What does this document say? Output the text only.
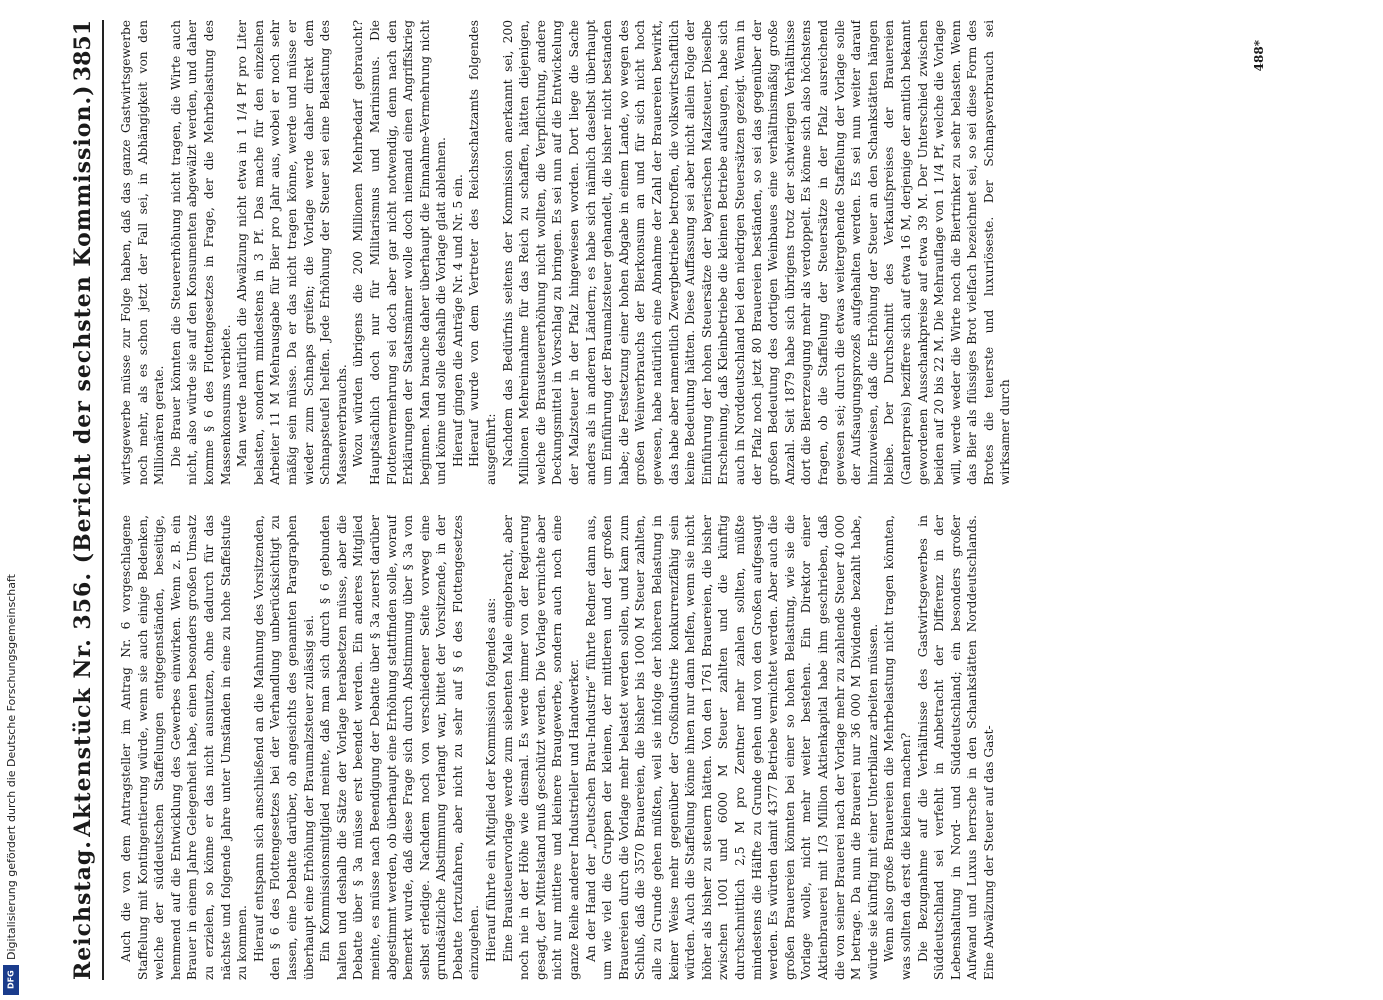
Digitalisierung gefördert durch die Deutsche Forschungsgemeinschaft
DFG
Reichstag.
Aktenstück Nr. 356. (Bericht der sechsten Kommission.)
3851

Auch die von dem Antragsteller im Antrag Nr. 6 vorgeschlagene Staffelung mit Kontingentierung würde, wenn sie auch einige Bedenken, welche der süddeutschen Staffelungen entgegenständen, beseitige, hemmend auf die Entwicklung des Gewerbes einwirken. Wenn z. B. ein Brauer in einem Jahre Gelegenheit habe, einen besonders großen Umsatz zu erzielen, so könne er das nicht ausnutzen, ohne dadurch für das nächste und folgende Jahre unter Umständen in eine zu hohe Staffelstufe zu kommen. Hierauf entspann sich anschließend an die Mahnung des Vorsitzenden, den § 6 des Flottengesetzes bei der Verhandlung unberücksichtigt zu lassen, eine Debatte darüber, ob angesichts des genannten Paragraphen überhaupt eine Erhöhung der Braumalzsteuer zulässig sei. Ein Kommissionsmitglied meinte, daß man sich durch § 6 gebunden halten und deshalb die Sätze der Vorlage herabsetzen müsse, aber die Debatte über § 3a müsse erst beendet werden. Ein anderes Mitglied meinte, es müsse nach Beendigung der Debatte über § 3a zuerst darüber abgestimmt werden, ob überhaupt eine Erhöhung stattfinden solle, worauf bemerkt wurde, daß diese Frage sich durch Abstimmung über § 3a von selbst erledige. Nachdem noch von verschiedener Seite vorweg eine grundsätzliche Abstimmung verlangt war, bittet der Vorsitzende, in der Debatte fortzufahren, aber nicht zu sehr auf § 6 des Flottengesetzes einzugehen. Hierauf führte ein Mitglied der Kommission folgendes aus: Eine Brausteuervorlage werde zum siebenten Male eingebracht, aber noch nie in der Höhe wie diesmal. Es werde immer von der Regierung gesagt, der Mittelstand muß geschützt werden. Die Vorlage vernichte aber nicht nur mittlere und kleinere Braugewerbe, sondern auch noch eine ganze Reihe anderer Industrieller und Handwerker. An der Hand der „Deutschen Brau-Industrie“ führte Redner dann aus, um wie viel die Gruppen der kleinen, der mittleren und der großen Brauereien durch die Vorlage mehr belastet werden sollen, und kam zum Schluß, daß die 3570 Brauereien, die bisher bis 1000 M Steuer zahlten, alle zu Grunde gehen müßten, weil sie infolge der höheren Belastung in keiner Weise mehr gegenüber der Großindustrie konkurrenzfähig sein würden. Auch die Staffelung könne ihnen nur dann helfen, wenn sie nicht höher als bisher zu steuern hätten. Von den 1761 Brauereien, die bisher zwischen 1001 und 6000 M Steuer zahlten und die künftig durchschnittlich 2,5 M pro Zentner mehr zahlen sollten, müßte mindestens die Hälfte zu Grunde gehen und von den Großen aufgesaugt werden. Es würden damit 4377 Betriebe vernichtet werden. Aber auch die großen Brauereien könnten bei einer so hohen Belastung, wie sie die Vorlage wolle, nicht mehr weiter bestehen. Ein Direktor einer Aktienbrauerei mit 1/3 Million Aktienkapital habe ihm geschrieben, daß die von seiner Brauerei nach der Vorlage mehr zu zahlende Steuer 40 000 M betrage. Da nun die Brauerei nur 36 000 M Dividende bezahlt habe, würde sie künftig mit einer Unterbilanz arbeiten müssen. Wenn also große Brauereien die Mehrbelastung nicht tragen könnten, was sollten da erst die kleinen machen? Die Bezugnahme auf die Verhältnisse des Gastwirtsgewerbes in Süddeutschland sei verfehlt in Anbetracht der Differenz in der Lebenshaltung in Nord- und Süddeutschland; ein besonders großer Aufwand und Luxus herrsche in den Schankstätten Norddeutschlands. Eine Abwälzung der Steuer auf das Gast-

wirtsgewerbe müsse zur Folge haben, daß das ganze Gastwirtsgewerbe noch mehr, als es schon jetzt der Fall sei, in Abhängigkeit von den Millionären gerate. Die Brauer könnten die Steuererhöhung nicht tragen, die Wirte auch nicht, also würde sie auf den Konsumenten abgewälzt werden, und daher komme § 6 des Flottengesetzes in Frage, der die Mehrbelastung des Massenkonsums verbiete. Man werde natürlich die Abwälzung nicht etwa in 1 1/4 Pf pro Liter belasten, sondern mindestens in 3 Pf. Das mache für den einzelnen Arbeiter 11 M Mehrausgabe für Bier pro Jahr aus, wobei er noch sehr mäßig sein müsse. Da er das nicht tragen könne, werde und müsse er wieder zum Schnaps greifen; die Vorlage werde daher direkt dem Schnapsteufel helfen. Jede Erhöhung der Steuer sei eine Belastung des Massenverbrauchs. Wozu würden übrigens die 200 Millionen Mehrbedarf gebraucht? Hauptsächlich doch nur für Militarismus und Marinismus. Die Flottenvermehrung sei doch aber gar nicht notwendig, denn nach den Erklärungen der Staatsmänner wolle doch niemand einen Angriffskrieg beginnen. Man brauche daher überhaupt die Einnahme-Vermehrung nicht und könne und solle deshalb die Vorlage glatt ablehnen. Hierauf gingen die Anträge Nr. 4 und Nr. 5 ein. Hierauf wurde von dem Vertreter des Reichsschatzamts folgendes ausgeführt: Nachdem das Bedürfnis seitens der Kommission anerkannt sei, 200 Millionen Mehreinnahme für das Reich zu schaffen, hätten diejenigen, welche die Brausteuererhöhung nicht wollten, die Verpflichtung, andere Deckungsmittel in Vorschlag zu bringen. Es sei nun auf die Entwickelung der Malzsteuer in der Pfalz hingewiesen worden. Dort liege die Sache anders als in anderen Ländern; es habe sich nämlich daselbst überhaupt um Einführung der Braumalzsteuer gehandelt, die bisher nicht bestanden habe; die Festsetzung einer hohen Abgabe in einem Lande, wo wegen des großen Weinverbrauchs der Bierkonsum an und für sich nicht hoch gewesen, habe natürlich eine Abnahme der Zahl der Brauereien bewirkt, das habe aber namentlich Zwergbetriebe betroffen, die volkswirtschaftlich keine Bedeutung hätten. Diese Auffassung sei aber nicht allein Folge der Einführung der hohen Steuersätze der bayerischen Malzsteuer. Dieselbe Erscheinung, daß Kleinbetriebe die kleinen Betriebe aufsaugen, habe sich auch in Norddeutschland bei den niedrigen Steuersätzen gezeigt. Wenn in der Pfalz noch jetzt 80 Brauereien beständen, so sei das gegenüber der großen Bedeutung des dortigen Weinbaues eine verhältnismäßig große Anzahl. Seit 1879 habe sich übrigens trotz der schwierigen Verhältnisse dort die Biererzeugung mehr als verdoppelt. Es könne sich also höchstens fragen, ob die Staffelung der Steuersätze in der Pfalz ausreichend gewesen sei; durch die etwas weitergehende Staffelung der Vorlage solle der Aufsaugungsprozeß aufgehalten werden. Es sei nun weiter darauf hinzuweisen, daß die Erhöhung der Steuer an den Schankstätten hängen bleibe. Der Durchschnitt des Verkaufspreises der Brauereien (Ganterpreis) beziffere sich auf etwa 16 M, derjenige der amtlich bekannt gewordenen Ausschankpreise auf etwa 39 M. Der Unterschied zwischen beiden auf 20 bis 22 M. Die Mehrauflage von 1 1/4 Pf, welche die Vorlage will, werde weder die Wirte noch die Biertrinker zu sehr belasten. Wenn das Bier als flüssiges Brot vielfach bezeichnet sei, so sei diese Form des Brotes die teuerste und luxuriöseste. Der Schnapsverbrauch sei wirksamer durch

488*
